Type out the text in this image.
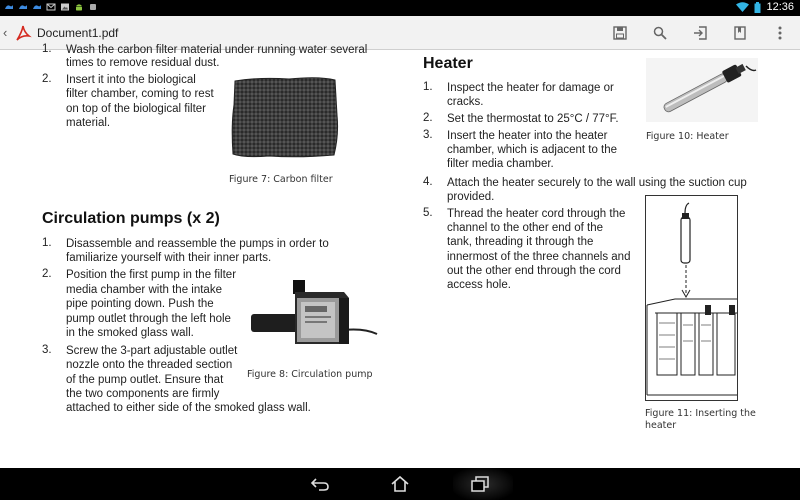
12:36
‹ Document1.pdf
1. Wash the carbon filter material under running water several
times to remove residual dust.
2. Insert it into the biological
filter chamber, coming to rest
on top of the biological filter
material.
Figure 7: Carbon filter
Circulation pumps (x 2)
1. Disassemble and reassemble the pumps in order to
familiarize yourself with their inner parts.
2. Position the first pump in the filter
media chamber with the intake
pipe pointing down. Push the
pump outlet through the left hole
in the smoked glass wall.
3. Screw the 3-part adjustable outlet
nozzle onto the threaded section
of the pump outlet. Ensure that
the two components are firmly
attached to either side of the smoked glass wall.
Figure 8: Circulation pump
Heater
1. Inspect the heater for damage or
cracks.
2. Set the thermostat to 25°C / 77°F.
3. Insert the heater into the heater
chamber, which is adjacent to the
filter media chamber.
4. Attach the heater securely to the wall using the suction cup
provided.
5. Thread the heater cord through the
channel to the other end of the
tank, threading it through the
innermost of the three channels and
out the other end through the cord
access hole.
Figure 10: Heater
Figure 11: Inserting the
heater
